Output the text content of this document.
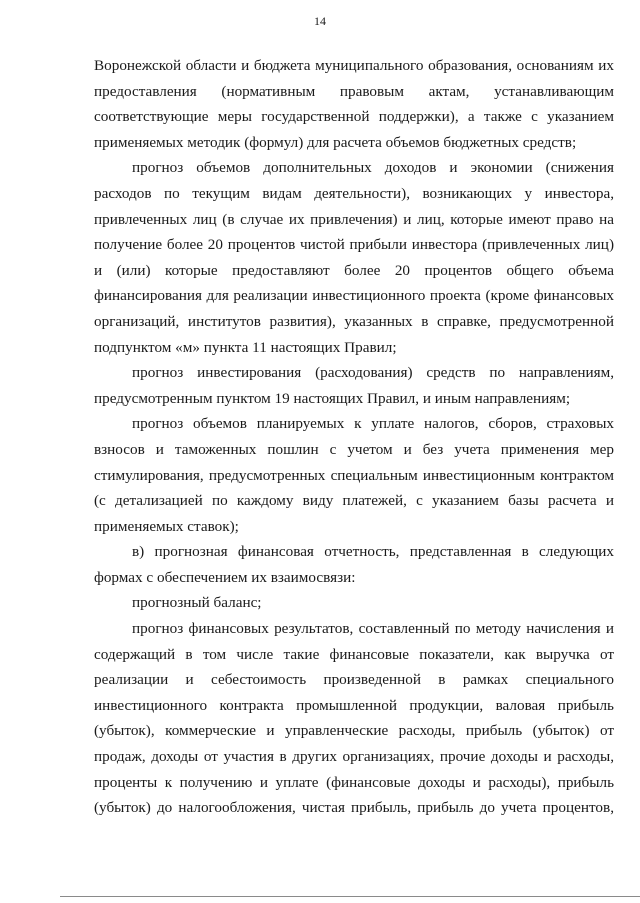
14
Воронежской области и бюджета муниципального образования, основаниям их
предоставления (нормативным правовым актам, устанавливающим
соответствующие меры государственной поддержки), а также с указанием
применяемых методик (формул) для расчета объемов бюджетных средств;
прогноз объемов дополнительных доходов и экономии (снижения
расходов по текущим видам деятельности), возникающих у инвестора,
привлеченных лиц (в случае их привлечения) и лиц, которые имеют право на
получение более 20 процентов чистой прибыли инвестора (привлеченных лиц)
и (или) которые предоставляют более 20 процентов общего объема
финансирования для реализации инвестиционного проекта (кроме финансовых
организаций, институтов развития), указанных в справке, предусмотренной
подпунктом «м» пункта 11 настоящих Правил;
прогноз инвестирования (расходования) средств по направлениям,
предусмотренным пунктом 19 настоящих Правил, и иным направлениям;
прогноз объемов планируемых к уплате налогов, сборов, страховых
взносов и таможенных пошлин с учетом и без учета применения мер
стимулирования, предусмотренных специальным инвестиционным контрактом
(с детализацией по каждому виду платежей, с указанием базы расчета и
применяемых ставок);
в) прогнозная финансовая отчетность, представленная в следующих
формах с обеспечением их взаимосвязи:
прогнозный баланс;
прогноз финансовых результатов, составленный по методу начисления и
содержащий в том числе такие финансовые показатели, как выручка от
реализации и себестоимость произведенной в рамках специального
инвестиционного контракта промышленной продукции, валовая прибыль
(убыток), коммерческие и управленческие расходы, прибыль (убыток) от
продаж, доходы от участия в других организациях, прочие доходы и расходы,
проценты к получению и уплате (финансовые доходы и расходы), прибыль
(убыток) до налогообложения, чистая прибыль, прибыль до учета процентов,
